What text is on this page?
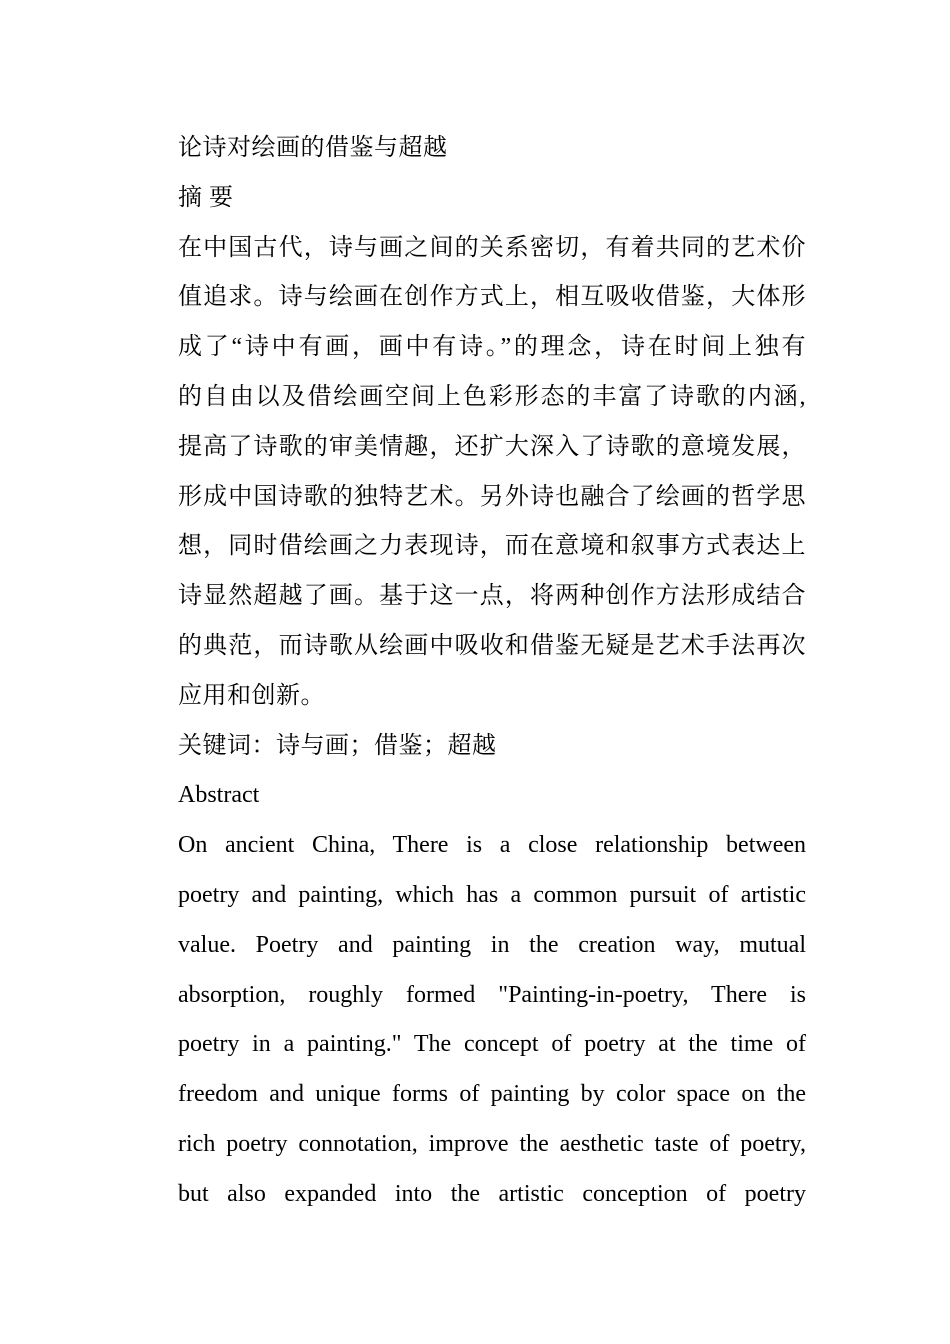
论诗对绘画的借鉴与超越
摘 要
在中国古代，诗与画之间的关系密切，有着共同的艺术价
值追求。诗与绘画在创作方式上，相互吸收借鉴，大体形
成了“诗中有画，画中有诗。”的理念，诗在时间上独有
的自由以及借绘画空间上色彩形态的丰富了诗歌的内涵,
提高了诗歌的审美情趣，还扩大深入了诗歌的意境发展，
形成中国诗歌的独特艺术。另外诗也融合了绘画的哲学思
想，同时借绘画之力表现诗，而在意境和叙事方式表达上
诗显然超越了画。基于这一点，将两种创作方法形成结合
的典范，而诗歌从绘画中吸收和借鉴无疑是艺术手法再次
应用和创新。
关键词：诗与画；借鉴；超越
Abstract
On ancient China, There is a close relationship between
poetry and painting, which has a common pursuit of artistic
value. Poetry and painting in the creation way, mutual
absorption, roughly formed "Painting-in-poetry, There is
poetry in a painting." The concept of poetry at the time of
freedom and unique forms of painting by color space on the
rich poetry connotation, improve the aesthetic taste of poetry,
but also expanded into the artistic conception of poetry
